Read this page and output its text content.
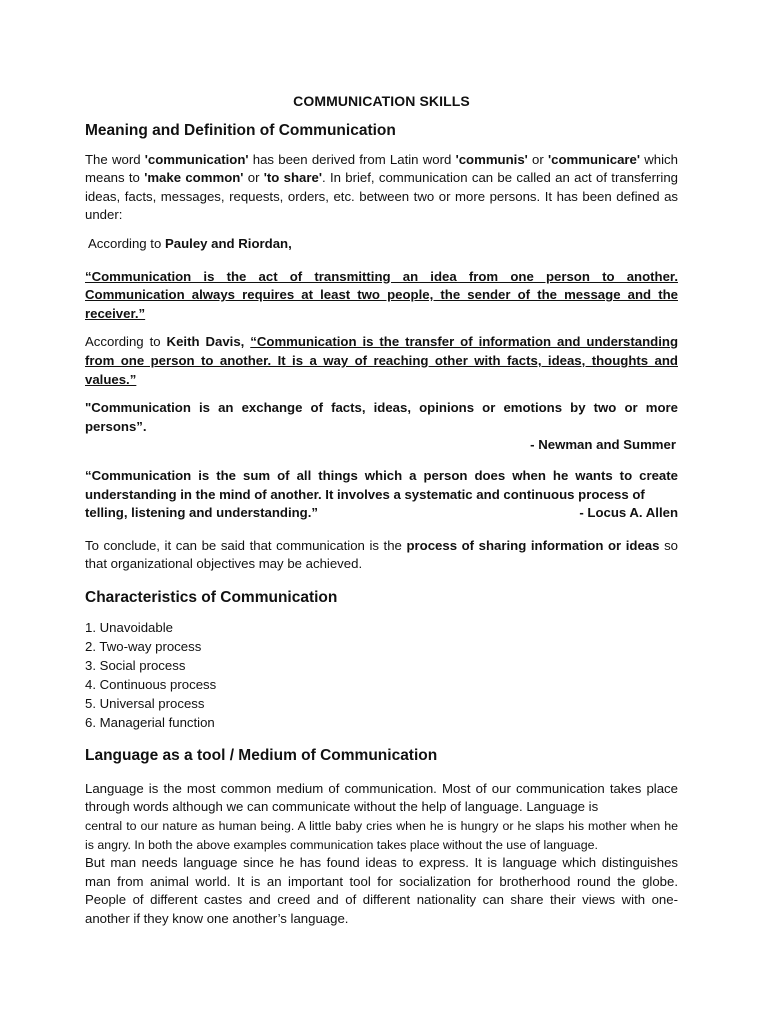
COMMUNICATION SKILLS
Meaning and Definition of Communication

The word 'communication' has been derived from Latin word 'communis' or 'communicare' which means to 'make common' or 'to share'. In brief, communication can be called an act of transferring ideas, facts, messages, requests, orders, etc. between two or more persons. It has been defined as under:

According to Pauley and Riordan,

“Communication is the act of transmitting an idea from one person to another. Communication always requires at least two people, the sender of the message and the receiver.”

According to Keith Davis, “Communication is the transfer of information and understanding from one person to another. It is a way of reaching other with facts, ideas, thoughts and values.”

"Communication is an exchange of facts, ideas, opinions or emotions by two or more persons”.

- Newman and Summer

“Communication is the sum of all things which a person does when he wants to create understanding in the mind of another. It involves a systematic and continuous process of

telling, listening and understanding.”	- Locus A. Allen

To conclude, it can be said that communication is the process of sharing information or ideas so that organizational objectives may be achieved.

Characteristics of Communication
1. Unavoidable
2. Two-way process
3. Social process
4. Continuous process
5. Universal process
6. Managerial function
Language as a tool / Medium of Communication

Language is the most common medium of communication. Most of our communication takes place through words although we can communicate without the help of language. Language is

central to our nature as human being. A little baby cries when he is hungry or he slaps his mother when he is angry. In both the above examples communication takes place without the use of language.

But man needs language since he has found ideas to express. It is language which distinguishes man from animal world. It is an important tool for socialization for brotherhood round the globe. People of different castes and creed and of different nationality can share their views with one-another if they know one another’s language.
